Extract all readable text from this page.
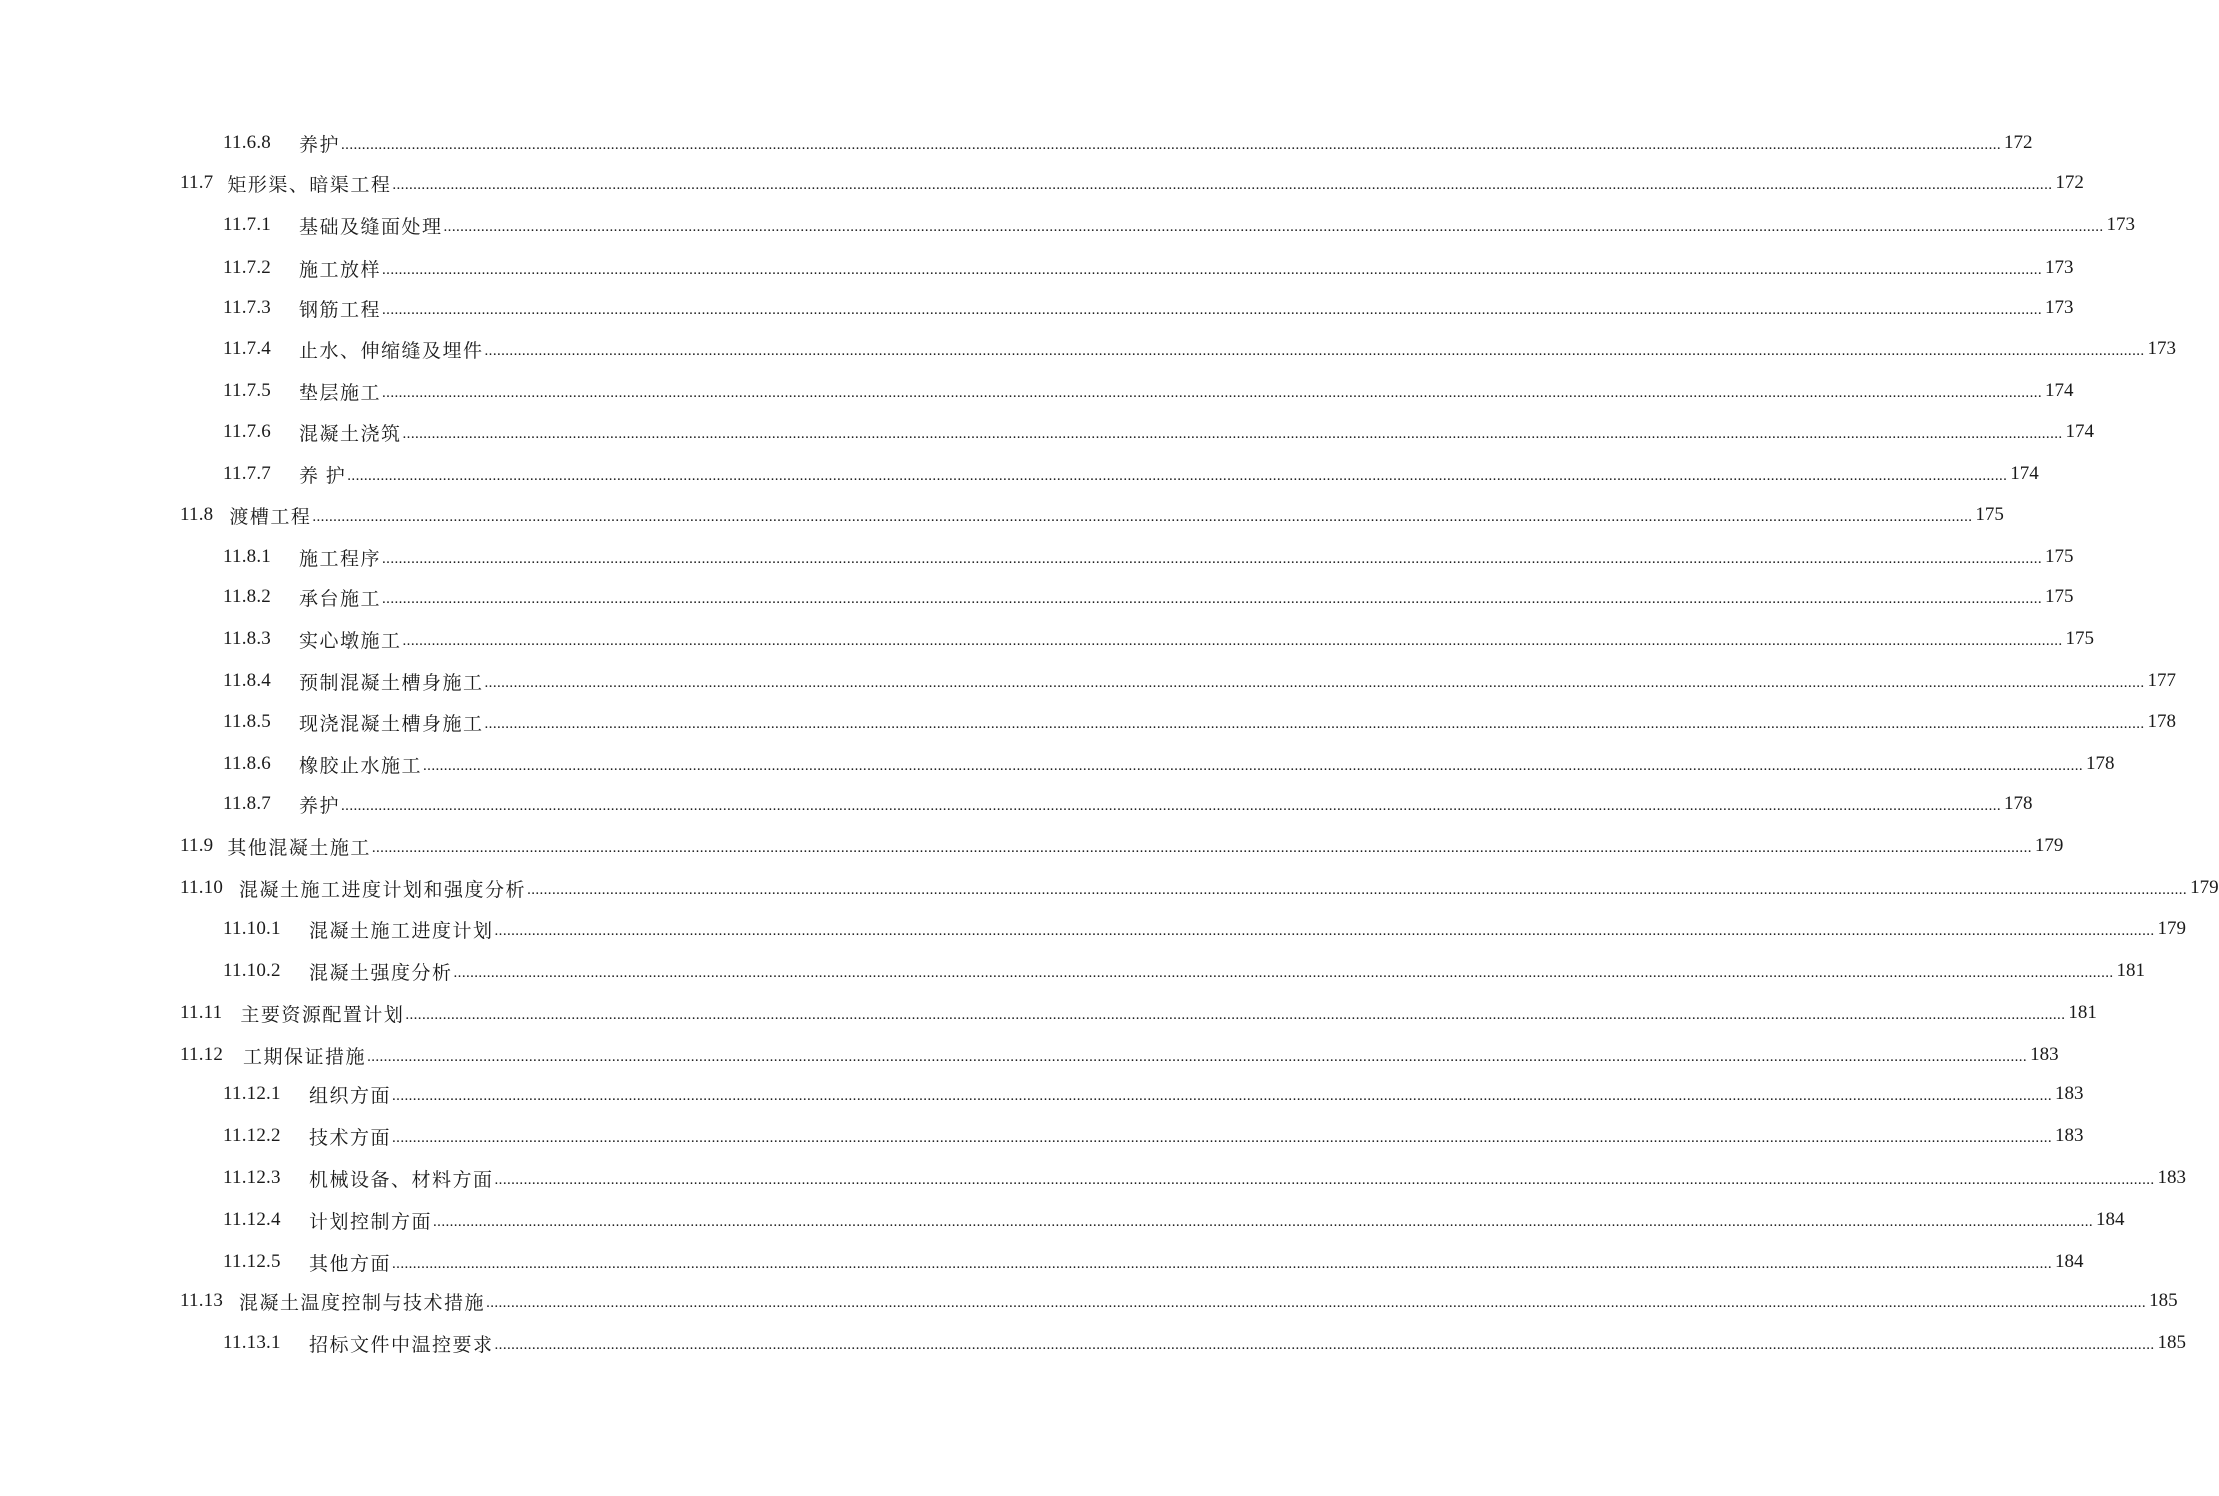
11.6.8	养护 ................................................................................................................................................................................................................................................................................................................................................................................................................ 172
11.7 矩形渠、暗渠工程 ................................................................................................................................................................................................................................................................................................................................................................................................................ 172
11.7.1	基础及缝面处理 ................................................................................................................................................................................................................................................................................................................................................................................................................ 173
11.7.2	施工放样 ................................................................................................................................................................................................................................................................................................................................................................................................................ 173
11.7.3	钢筋工程 ................................................................................................................................................................................................................................................................................................................................................................................................................ 173
11.7.4	止水、伸缩缝及埋件 ................................................................................................................................................................................................................................................................................................................................................................................................................ 173
11.7.5	垫层施工 ................................................................................................................................................................................................................................................................................................................................................................................................................ 174
11.7.6	混凝土浇筑 ................................................................................................................................................................................................................................................................................................................................................................................................................ 174
11.7.7	养 护 ................................................................................................................................................................................................................................................................................................................................................................................................................ 174
11.8 渡槽工程 ................................................................................................................................................................................................................................................................................................................................................................................................................ 175
11.8.1	施工程序 ................................................................................................................................................................................................................................................................................................................................................................................................................ 175
11.8.2	承台施工 ................................................................................................................................................................................................................................................................................................................................................................................................................ 175
11.8.3	实心墩施工 ................................................................................................................................................................................................................................................................................................................................................................................................................ 175
11.8.4	预制混凝土槽身施工 ................................................................................................................................................................................................................................................................................................................................................................................................................ 177
11.8.5	现浇混凝土槽身施工 ................................................................................................................................................................................................................................................................................................................................................................................................................ 178
11.8.6	橡胶止水施工 ................................................................................................................................................................................................................................................................................................................................................................................................................ 178
11.8.7	养护 ................................................................................................................................................................................................................................................................................................................................................................................................................ 178
11.9 其他混凝土施工 ................................................................................................................................................................................................................................................................................................................................................................................................................ 179
11.10 混凝土施工进度计划和强度分析 ................................................................................................................................................................................................................................................................................................................................................................................................................ 179
11.10.1	混凝土施工进度计划 ................................................................................................................................................................................................................................................................................................................................................................................................................ 179
11.10.2	混凝土强度分析 ................................................................................................................................................................................................................................................................................................................................................................................................................ 181
11.11 主要资源配置计划 ................................................................................................................................................................................................................................................................................................................................................................................................................ 181
11.12 工期保证措施 ................................................................................................................................................................................................................................................................................................................................................................................................................ 183
11.12.1	组织方面 ................................................................................................................................................................................................................................................................................................................................................................................................................ 183
11.12.2	技术方面 ................................................................................................................................................................................................................................................................................................................................................................................................................ 183
11.12.3	机械设备、材料方面 ................................................................................................................................................................................................................................................................................................................................................................................................................ 183
11.12.4	计划控制方面 ................................................................................................................................................................................................................................................................................................................................................................................................................ 184
11.12.5	其他方面 ................................................................................................................................................................................................................................................................................................................................................................................................................ 184
11.13 混凝土温度控制与技术措施 ................................................................................................................................................................................................................................................................................................................................................................................................................ 185
11.13.1	招标文件中温控要求 ................................................................................................................................................................................................................................................................................................................................................................................................................ 185
